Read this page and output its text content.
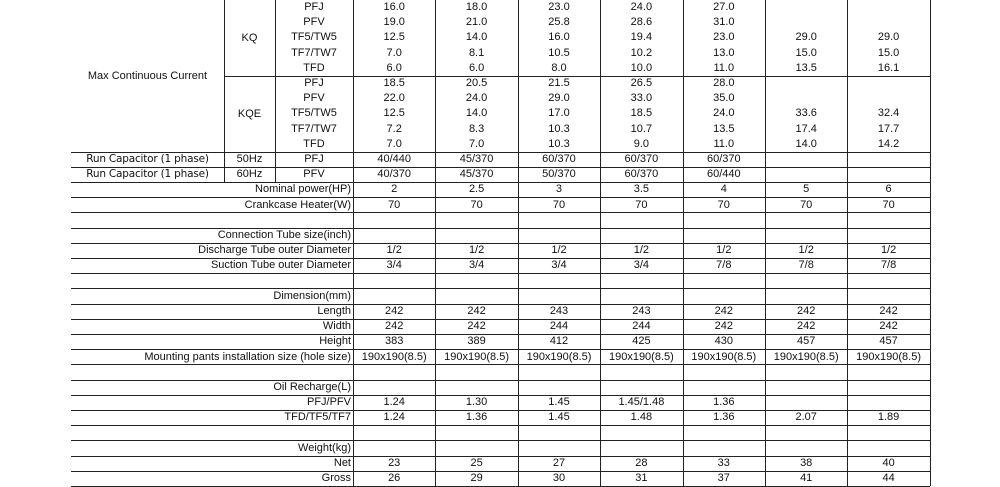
PFJ	16.0	18.0	23.0	24.0	27.0
PFV	19.0	21.0	25.8	28.6	31.0
TF5/TW5	12.5	14.0	16.0	19.4	23.0	29.0	29.0
TF7/TW7	7.0	8.1	10.5	10.2	13.0	15.0	15.0
TFD	6.0	6.0	8.0	10.0	11.0	13.5	16.1
KQ
PFJ	18.5	20.5	21.5	26.5	28.0
PFV	22.0	24.0	29.0	33.0	35.0
TF5/TW5	12.5	14.0	17.0	18.5	24.0	33.6	32.4
TF7/TW7	7.2	8.3	10.3	10.7	13.5	17.4	17.7
TFD	7.0	7.0	10.3	9.0	11.0	14.0	14.2
KQE
Max Continuous Current
Run Capacitor (1 phase)	50Hz	PFJ	40/440	45/370	60/370	60/370	60/370
Run Capacitor (1 phase)	60Hz	PFV	40/370	45/370	50/370	60/370	60/440
Nominal power(HP)	2	2.5	3	3.5	4	5	6
Crankcase Heater(W)	70	70	70	70	70	70	70
Connection Tube size(inch)
Discharge Tube outer Diameter	1/2	1/2	1/2	1/2	1/2	1/2	1/2
Suction Tube outer Diameter	3/4	3/4	3/4	3/4	7/8	7/8	7/8
Dimension(mm)
Length	242	242	243	243	242	242	242
Width	242	242	244	244	242	242	242
Height	383	389	412	425	430	457	457
Mounting pants installation size (hole size) 190x190(8.5)	190x190(8.5)	190x190(8.5)	190x190(8.5)	190x190(8.5)	190x190(8.5)	190x190(8.5)
Oil Recharge(L)
PFJ/PFV	1.24	1.30	1.45	1.45/1.48	1.36
TFD/TF5/TF7	1.24	1.36	1.45	1.48	1.36	2.07	1.89
Weight(kg)
Net	23	25	27	28	33	38	40
Gross	26	29	30	31	37	41	44
